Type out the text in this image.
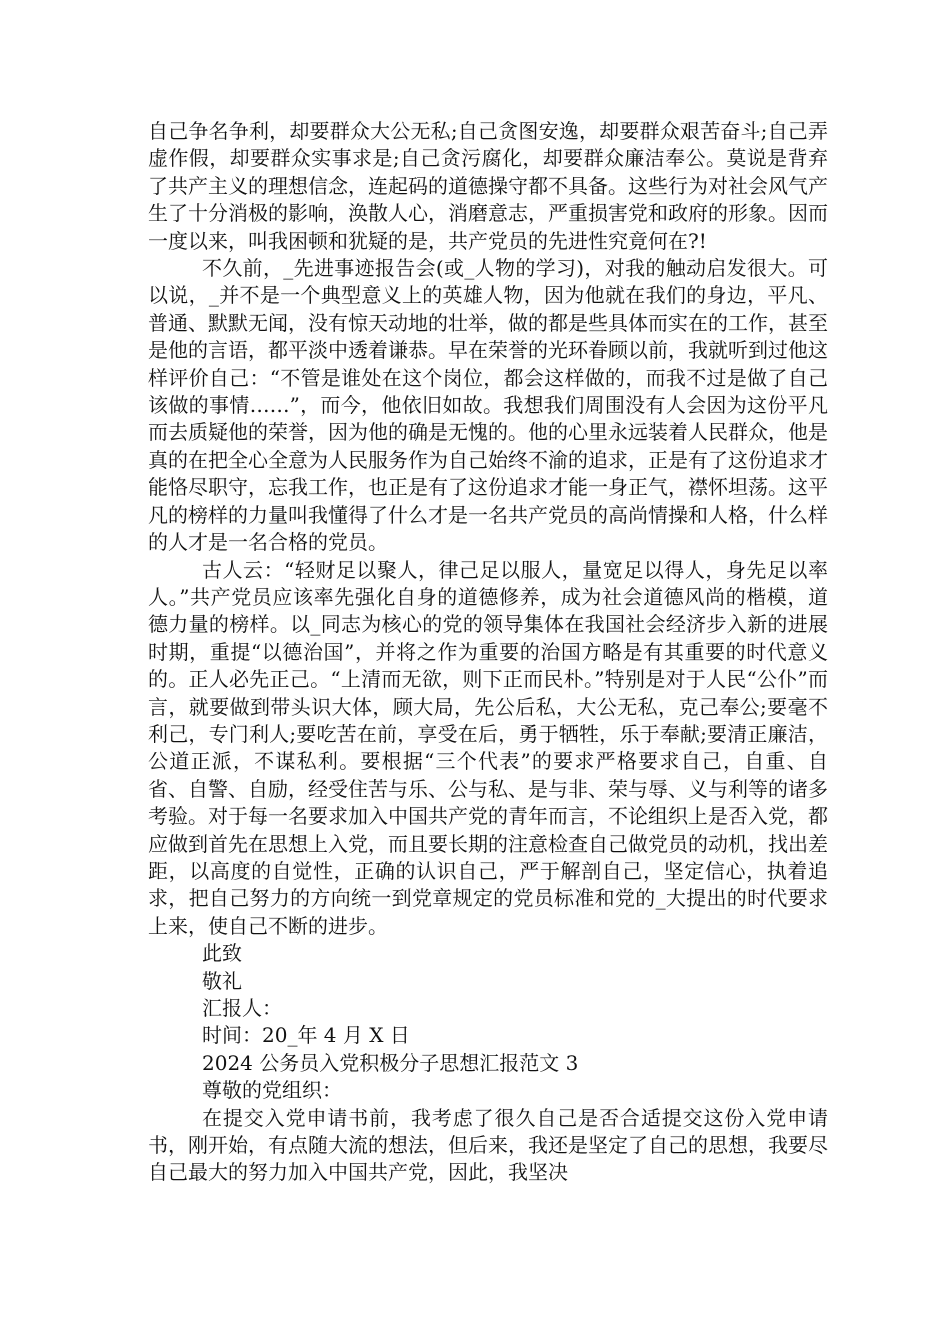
自己争名争利，却要群众大公无私;自己贪图安逸，却要群众艰苦奋斗;自己弄虚作假，却要群众实事求是;自己贪污腐化，却要群众廉洁奉公。莫说是背弃了共产主义的理想信念，连起码的道德操守都不具备。这些行为对社会风气产生了十分消极的影响，涣散人心，消磨意志，严重损害党和政府的形象。因而一度以来，叫我困顿和犹疑的是，共产党员的先进性究竟何在?!

不久前，_先进事迹报告会(或_人物的学习)，对我的触动启发很大。可以说，_并不是一个典型意义上的英雄人物，因为他就在我们的身边，平凡、普通、默默无闻，没有惊天动地的壮举，做的都是些具体而实在的工作，甚至是他的言语，都平淡中透着谦恭。早在荣誉的光环眷顾以前，我就听到过他这样评价自己：“不管是谁处在这个岗位，都会这样做的，而我不过是做了自己该做的事情……”，而今，他依旧如故。我想我们周围没有人会因为这份平凡而去质疑他的荣誉，因为他的确是无愧的。他的心里永远装着人民群众，他是真的在把全心全意为人民服务作为自己始终不渝的追求，正是有了这份追求才能恪尽职守，忘我工作，也正是有了这份追求才能一身正气，襟怀坦荡。这平凡的榜样的力量叫我懂得了什么才是一名共产党员的高尚情操和人格，什么样的人才是一名合格的党员。

古人云：“轻财足以聚人，律己足以服人，量宽足以得人，身先足以率人。”共产党员应该率先强化自身的道德修养，成为社会道德风尚的楷模，道德力量的榜样。以_同志为核心的党的领导集体在我国社会经济步入新的进展时期，重提“以德治国”，并将之作为重要的治国方略是有其重要的时代意义的。正人必先正己。“上清而无欲，则下正而民朴。”特别是对于人民“公仆”而言，就要做到带头识大体，顾大局，先公后私，大公无私，克己奉公;要毫不利己，专门利人;要吃苦在前，享受在后，勇于牺牲，乐于奉献;要清正廉洁，公道正派，不谋私利。要根据“三个代表”的要求严格要求自己，自重、自省、自警、自励，经受住苦与乐、公与私、是与非、荣与辱、义与利等的诸多考验。对于每一名要求加入中国共产党的青年而言，不论组织上是否入党，都应做到首先在思想上入党，而且要长期的注意检查自己做党员的动机，找出差距，以高度的自觉性，正确的认识自己，严于解剖自己，坚定信心，执着追求，把自己努力的方向统一到党章规定的党员标准和党的_大提出的时代要求上来，使自己不断的进步。

此致

敬礼

汇报人：

时间：20_年 4 月 X 日

2024 公务员入党积极分子思想汇报范文 3

尊敬的党组织：

在提交入党申请书前，我考虑了很久自己是否合适提交这份入党申请书，刚开始，有点随大流的想法，但后来，我还是坚定了自己的思想，我要尽自己最大的努力加入中国共产党，因此，我坚决
